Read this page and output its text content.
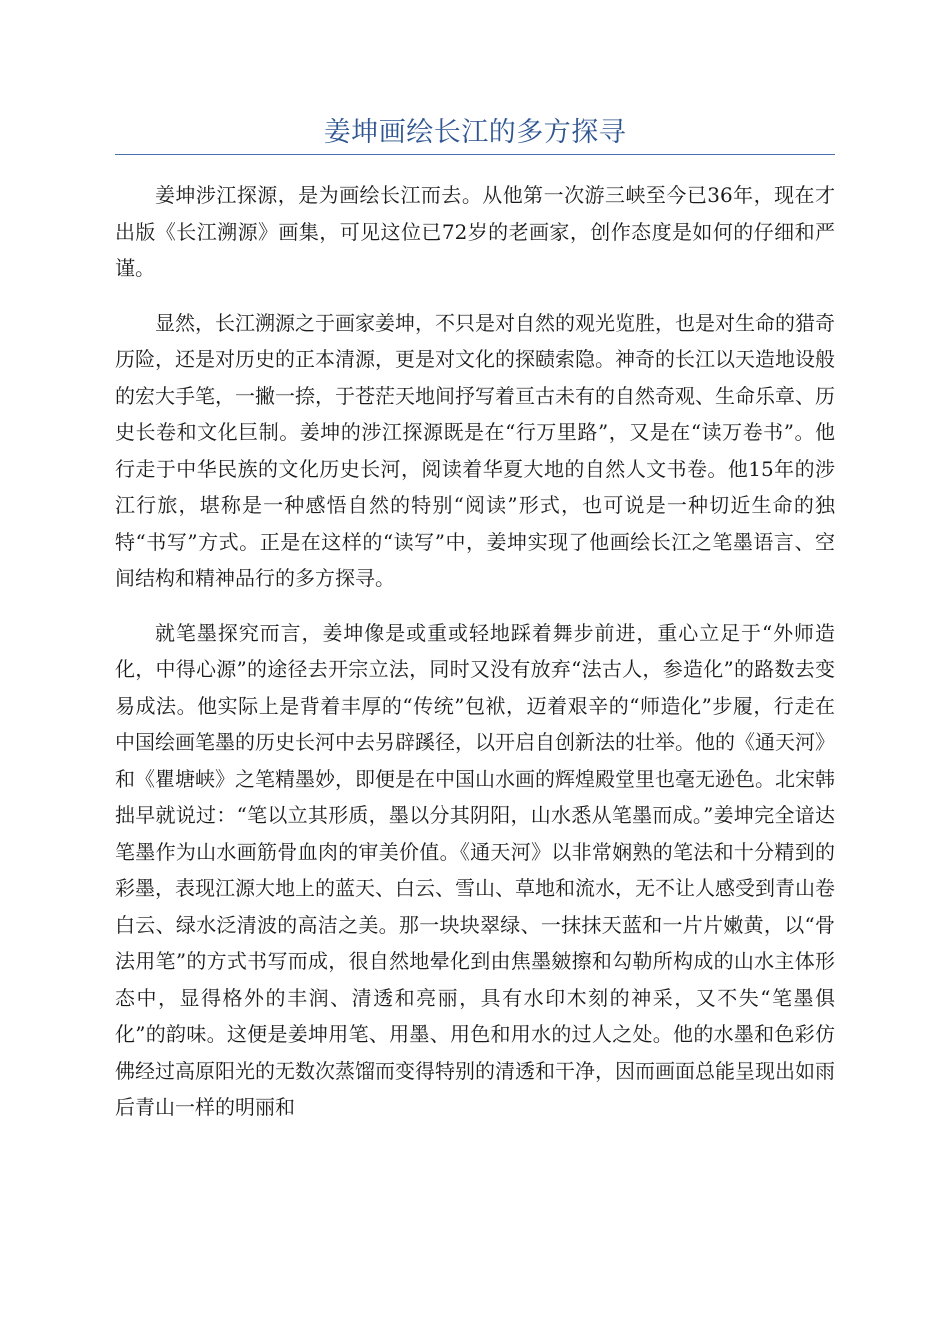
姜坤画绘长江的多方探寻

姜坤涉江探源，是为画绘长江而去。从他第一次游三峡至今已36年，现在才出版《长江溯源》画集，可见这位已72岁的老画家，创作态度是如何的仔细和严谨。

显然，长江溯源之于画家姜坤，不只是对自然的观光览胜，也是对生命的猎奇历险，还是对历史的正本清源，更是对文化的探赜索隐。神奇的长江以天造地设般的宏大手笔，一撇一捺，于苍茫天地间抒写着亘古未有的自然奇观、生命乐章、历史长卷和文化巨制。姜坤的涉江探源既是在“行万里路”，又是在“读万卷书”。他行走于中华民族的文化历史长河，阅读着华夏大地的自然人文书卷。他15年的涉江行旅，堪称是一种感悟自然的特别“阅读”形式，也可说是一种切近生命的独特“书写”方式。正是在这样的“读写”中，姜坤实现了他画绘长江之笔墨语言、空间结构和精神品行的多方探寻。

就笔墨探究而言，姜坤像是或重或轻地踩着舞步前进，重心立足于“外师造化，中得心源”的途径去开宗立法，同时又没有放弃“法古人，参造化”的路数去变易成法。他实际上是背着丰厚的“传统”包袱，迈着艰辛的“师造化”步履，行走在中国绘画笔墨的历史长河中去另辟蹊径，以开启自创新法的壮举。他的《通天河》和《瞿塘峡》之笔精墨妙，即便是在中国山水画的辉煌殿堂里也毫无逊色。北宋韩拙早就说过：“笔以立其形质，墨以分其阴阳，山水悉从笔墨而成。”姜坤完全谙达笔墨作为山水画筋骨血肉的审美价值。《通天河》以非常娴熟的笔法和十分精到的彩墨，表现江源大地上的蓝天、白云、雪山、草地和流水，无不让人感受到青山卷白云、绿水泛清波的高洁之美。那一块块翠绿、一抹抹天蓝和一片片嫩黄，以“骨法用笔”的方式书写而成，很自然地晕化到由焦墨皴擦和勾勒所构成的山水主体形态中，显得格外的丰润、清透和亮丽，具有水印木刻的神采，又不失“笔墨俱化”的韵味。这便是姜坤用笔、用墨、用色和用水的过人之处。他的水墨和色彩仿佛经过高原阳光的无数次蒸馏而变得特别的清透和干净，因而画面总能呈现出如雨后青山一样的明丽和
